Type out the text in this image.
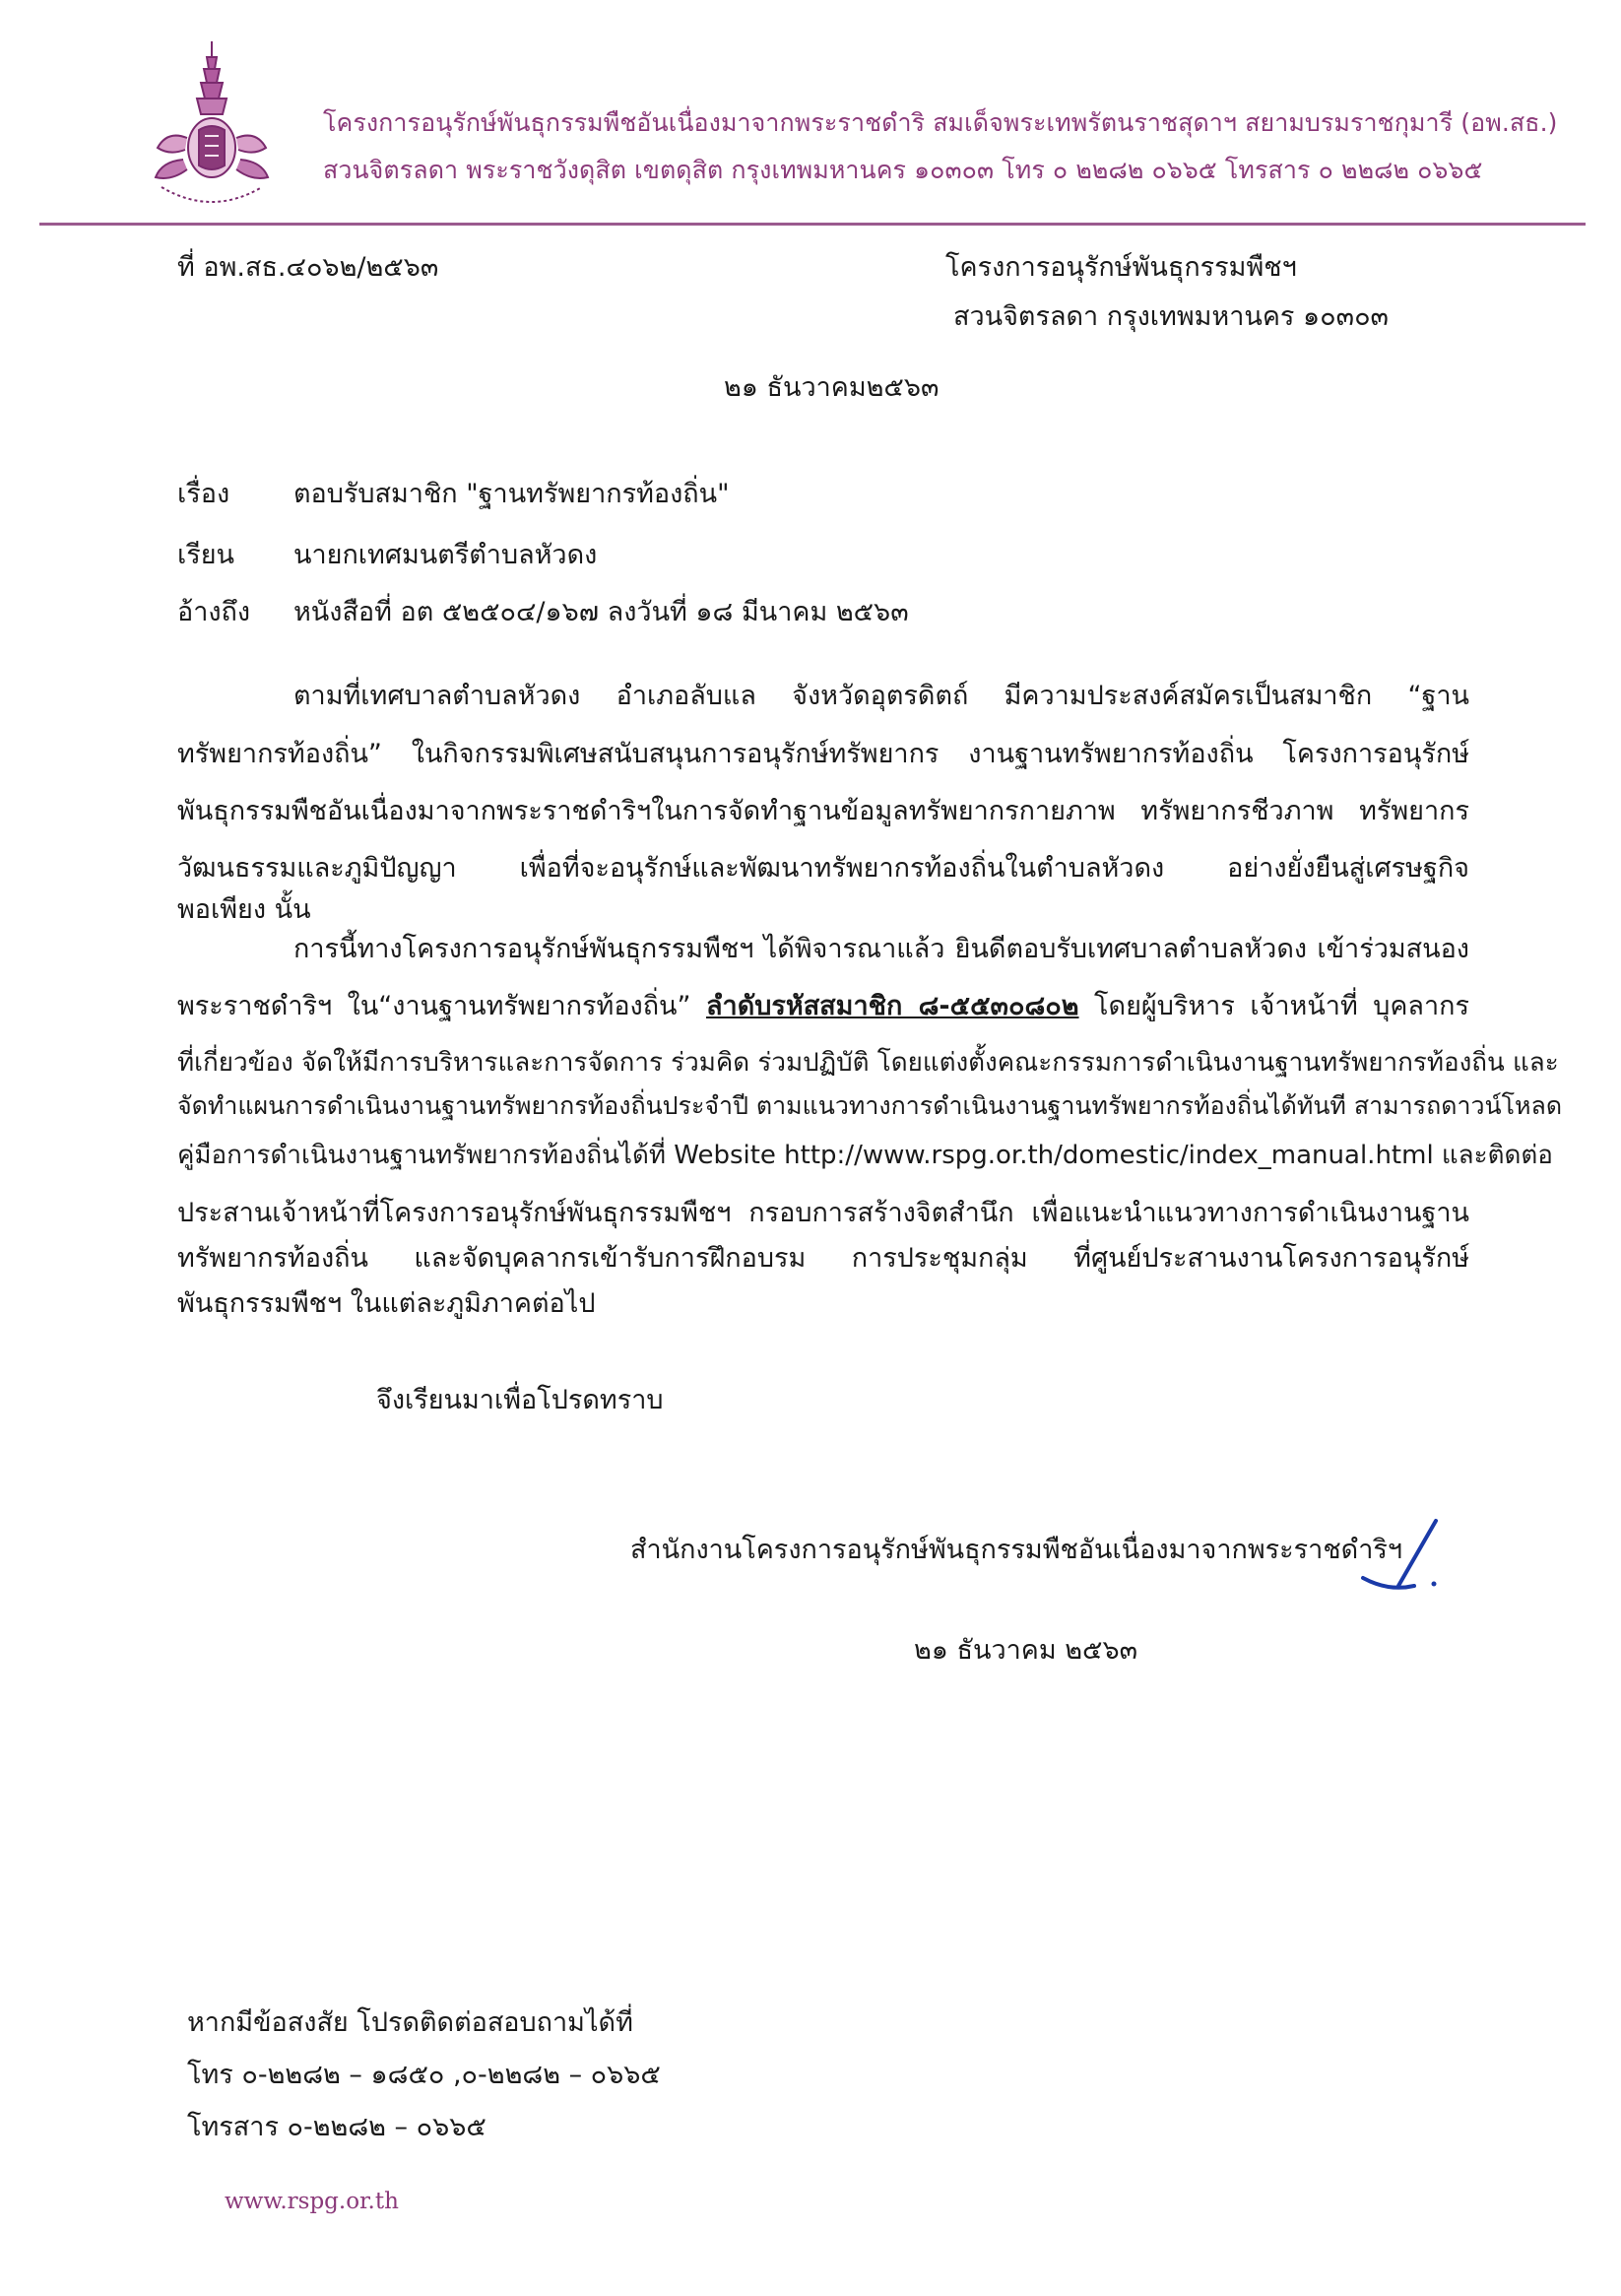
โครงการอนุรักษ์พันธุกรรมพืชอันเนื่องมาจากพระราชดําริ สมเด็จพระเทพรัตนราชสุดาฯ สยามบรมราชกุมารี (อพ.สธ.)
สวนจิตรลดา พระราชวังดุสิต เขตดุสิต กรุงเทพมหานคร ๑๐๓๐๓ โทร ๐ ๒๒๘๒ ๐๖๖๕ โทรสาร ๐ ๒๒๘๒ ๐๖๖๕
ที่ อพ.สธ.๔๐๖๒/๒๕๖๓	โครงการอนุรักษ์พันธุกรรมพืชฯ
สวนจิตรลดา กรุงเทพมหานคร ๑๐๓๐๓
๒๑ ธันวาคม๒๕๖๓
เรื่อง ตอบรับสมาชิก "ฐานทรัพยากรท้องถิ่น"
เรียน นายกเทศมนตรีตําบลหัวดง
อ้างถึง หนังสือที่ อต ๕๒๕๐๔/๑๖๗ ลงวันที่ ๑๘ มีนาคม ๒๕๖๓
ตามที่เทศบาลตําบลหัวดง อําเภอลับแล จังหวัดอุตรดิตถ์ มีความประสงค์สมัครเป็นสมาชิก “ฐาน
ทรัพยากรท้องถิ่น” ในกิจกรรมพิเศษสนับสนุนการอนุรักษ์ทรัพยากร งานฐานทรัพยากรท้องถิ่น โครงการอนุรักษ์
พันธุกรรมพืชอันเนื่องมาจากพระราชดําริฯในการจัดทําฐานข้อมูลทรัพยากรกายภาพ ทรัพยากรชีวภาพ ทรัพยากร
วัฒนธรรมและภูมิปัญญา เพื่อที่จะอนุรักษ์และพัฒนาทรัพยากรท้องถิ่นในตําบลหัวดง อย่างยั่งยืนสู่เศรษฐกิจ
พอเพียง นั้น
การนี้ทางโครงการอนุรักษ์พันธุกรรมพืชฯ ได้พิจารณาแล้ว ยินดีตอบรับเทศบาลตําบลหัวดง เข้าร่วมสนอง
พระราชดําริฯ ใน“งานฐานทรัพยากรท้องถิ่น” ลําดับรหัสสมาชิก ๘-๕๕๓๐๘๐๒ โดยผู้บริหาร เจ้าหน้าที่ บุคลากร
ที่เกี่ยวข้อง จัดให้มีการบริหารและการจัดการ ร่วมคิด ร่วมปฏิบัติ โดยแต่งตั้งคณะกรรมการดําเนินงานฐานทรัพยากรท้องถิ่น และ
จัดทําแผนการดําเนินงานฐานทรัพยากรท้องถิ่นประจําปี ตามแนวทางการดําเนินงานฐานทรัพยากรท้องถิ่นได้ทันที สามารถดาวน์โหลด
คู่มือการดําเนินงานฐานทรัพยากรท้องถิ่นได้ที่ Website http://www.rspg.or.th/domestic/index_manual.html และติดต่อ
ประสานเจ้าหน้าที่โครงการอนุรักษ์พันธุกรรมพืชฯ กรอบการสร้างจิตสํานึก เพื่อแนะนําแนวทางการดําเนินงานฐาน
ทรัพยากรท้องถิ่น และจัดบุคลากรเข้ารับการฝึกอบรม การประชุมกลุ่ม ที่ศูนย์ประสานงานโครงการอนุรักษ์
พันธุกรรมพืชฯ ในแต่ละภูมิภาคต่อไป
จึงเรียนมาเพื่อโปรดทราบ
สํานักงานโครงการอนุรักษ์พันธุกรรมพืชอันเนื่องมาจากพระราชดําริฯ
๒๑ ธันวาคม ๒๕๖๓
หากมีข้อสงสัย โปรดติดต่อสอบถามได้ที่
โทร ๐-๒๒๘๒ – ๑๘๕๐ ,๐-๒๒๘๒ – ๐๖๖๕
โทรสาร ๐-๒๒๘๒ – ๐๖๖๕
www.rspg.or.th
